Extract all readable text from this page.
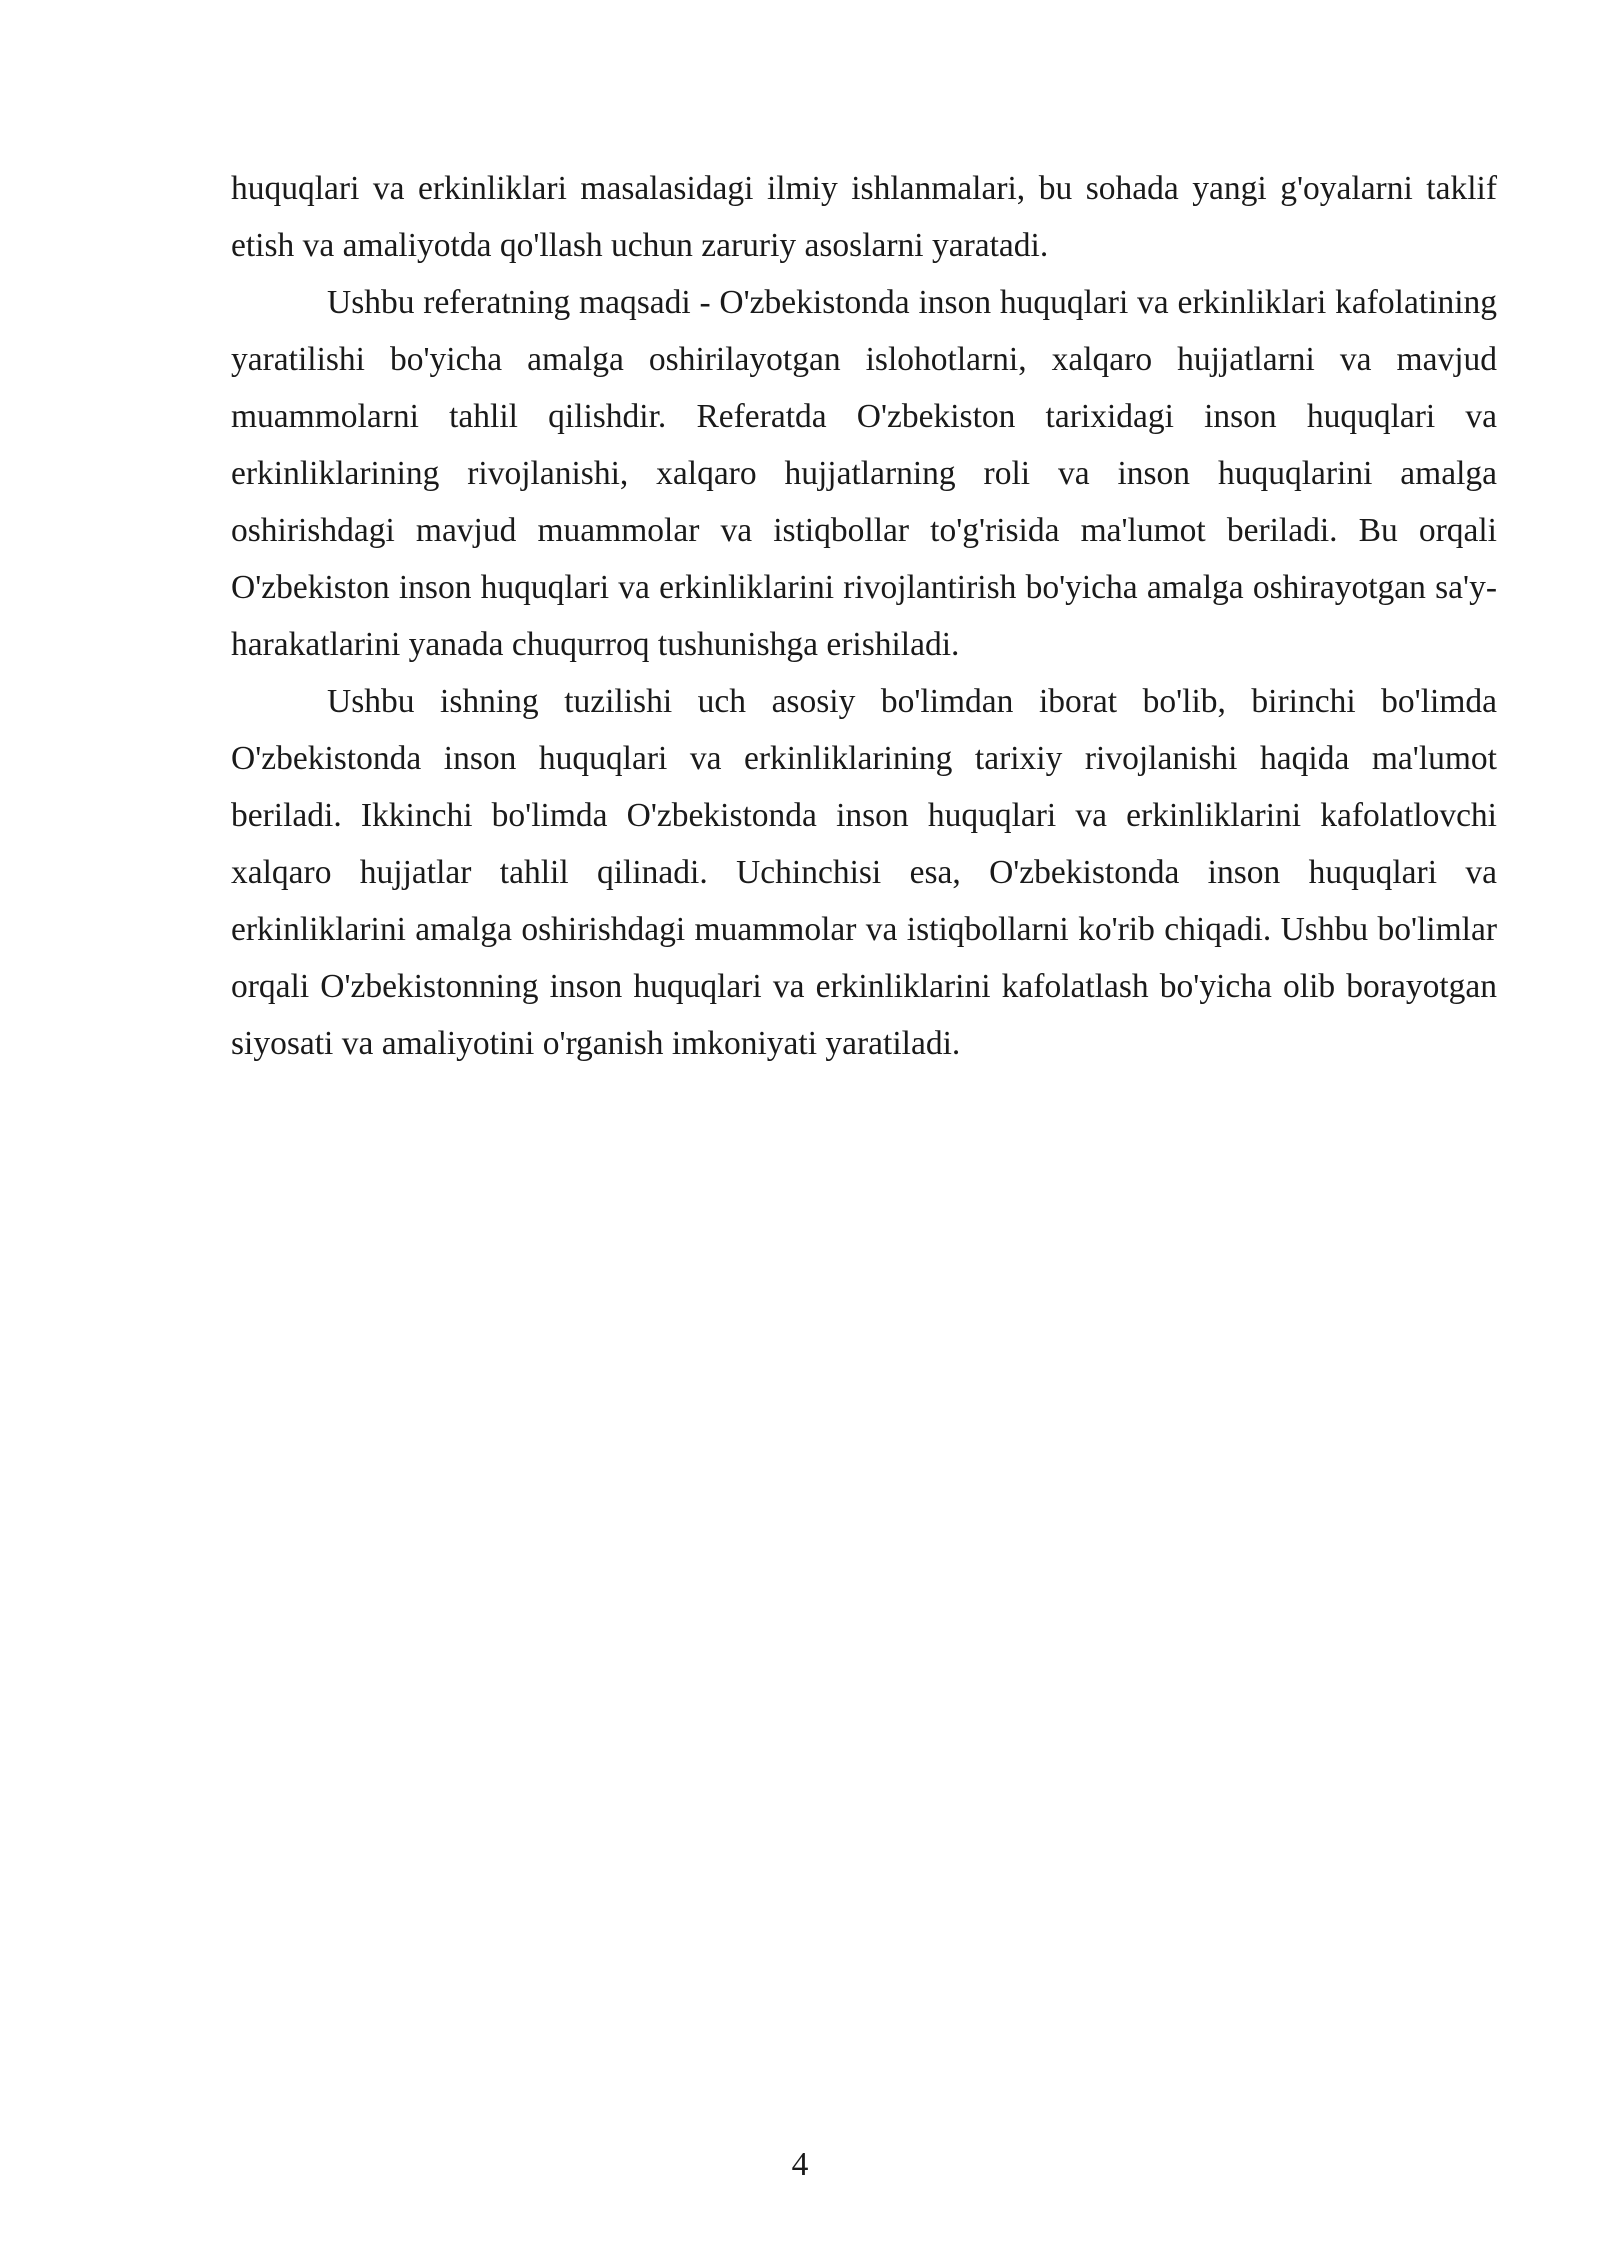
huquqlari va erkinliklari masalasidagi ilmiy ishlanmalari, bu sohada yangi g'oyalarni taklif etish va amaliyotda qo'llash uchun zaruriy asoslarni yaratadi.

Ushbu referatning maqsadi - O'zbekistonda inson huquqlari va erkinliklari kafolatining yaratilishi bo'yicha amalga oshirilayotgan islohotlarni, xalqaro hujjatlarni va mavjud muammolarni tahlil qilishdir. Referatda O'zbekiston tarixidagi inson huquqlari va erkinliklarining rivojlanishi, xalqaro hujjatlarning roli va inson huquqlarini amalga oshirishdagi mavjud muammolar va istiqbollar to'g'risida ma'lumot beriladi. Bu orqali O'zbekiston inson huquqlari va erkinliklarini rivojlantirish bo'yicha amalga oshirayotgan sa'y-harakatlarini yanada chuqurroq tushunishga erishiladi.

Ushbu ishning tuzilishi uch asosiy bo'limdan iborat bo'lib, birinchi bo'limda O'zbekistonda inson huquqlari va erkinliklarining tarixiy rivojlanishi haqida ma'lumot beriladi. Ikkinchi bo'limda O'zbekistonda inson huquqlari va erkinliklarini kafolatlovchi xalqaro hujjatlar tahlil qilinadi. Uchinchisi esa, O'zbekistonda inson huquqlari va erkinliklarini amalga oshirishdagi muammolar va istiqbollarni ko'rib chiqadi. Ushbu bo'limlar orqali O'zbekistonning inson huquqlari va erkinliklarini kafolatlash bo'yicha olib borayotgan siyosati va amaliyotini o'rganish imkoniyati yaratiladi.

4
